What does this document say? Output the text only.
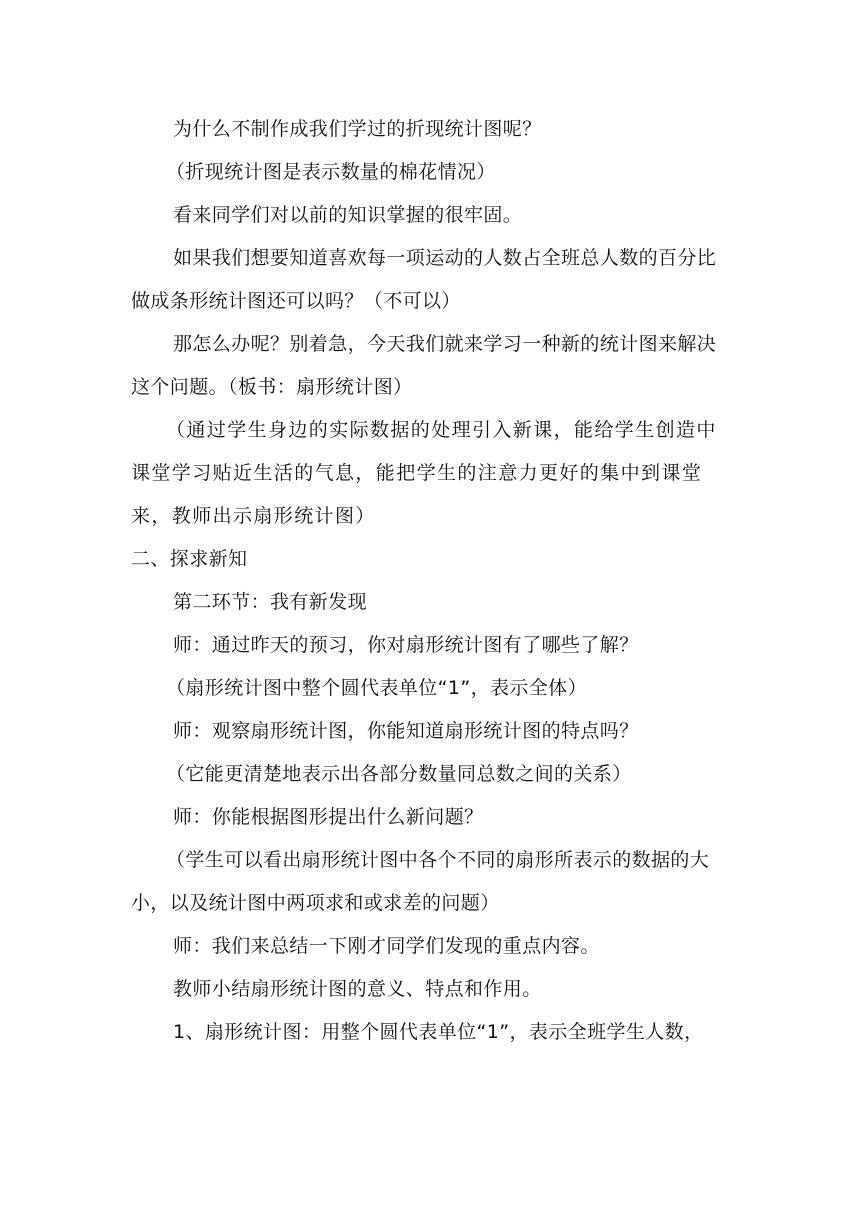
为什么不制作成我们学过的折现统计图呢？

（折现统计图是表示数量的棉花情况）

看来同学们对以前的知识掌握的很牢固。

如果我们想要知道喜欢每一项运动的人数占全班总人数的百分比做成条形统计图还可以吗？（不可以）

那怎么办呢？别着急，今天我们就来学习一种新的统计图来解决这个问题。（板书：扇形统计图）

（通过学生身边的实际数据的处理引入新课，能给学生创造中课堂学习贴近生活的气息，能把学生的注意力更好的集中到课堂来，教师出示扇形统计图）

二、探求新知

第二环节：我有新发现

师：通过昨天的预习，你对扇形统计图有了哪些了解？

（扇形统计图中整个圆代表单位“1”，表示全体）

师：观察扇形统计图，你能知道扇形统计图的特点吗？

（它能更清楚地表示出各部分数量同总数之间的关系）

师：你能根据图形提出什么新问题？

（学生可以看出扇形统计图中各个不同的扇形所表示的数据的大小，以及统计图中两项求和或求差的问题）

师：我们来总结一下刚才同学们发现的重点内容。

教师小结扇形统计图的意义、特点和作用。

1、扇形统计图：用整个圆代表单位“1”，表示全班学生人数，
